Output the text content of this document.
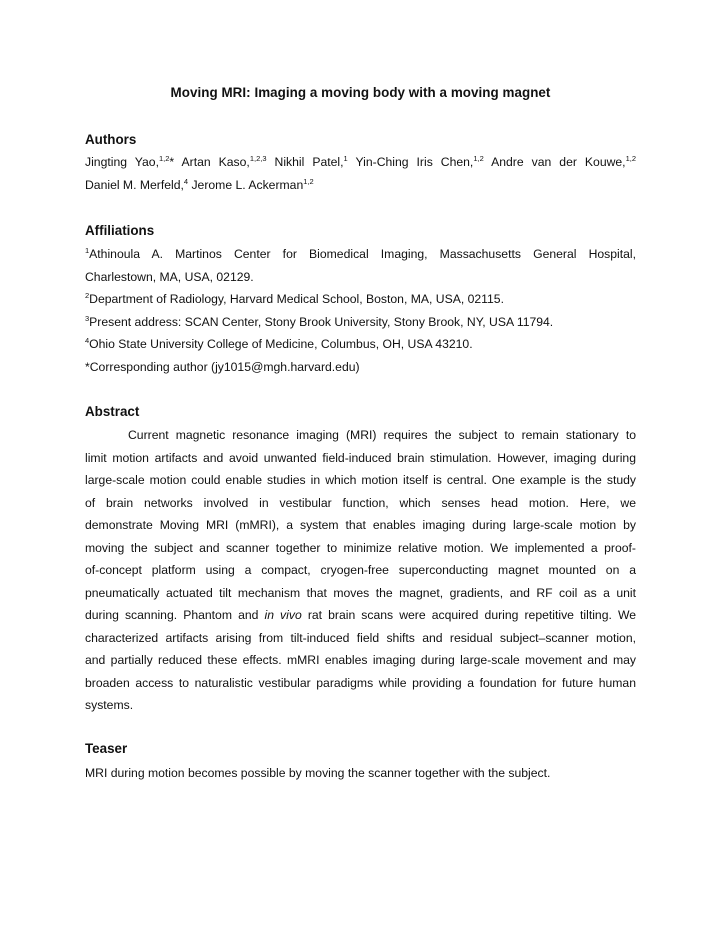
Moving MRI: Imaging a moving body with a moving magnet
Authors
Jingting Yao,$^{1,2}$* Artan Kaso,$^{1,2,3}$ Nikhil Patel,$^1$ Yin-Ching Iris Chen,$^{1,2}$ Andre van der Kouwe,$^{1,2}$
Daniel M. Merfeld,$^4$ Jerome L. Ackerman$^{1,2}$
Affiliations
$^1$Athinoula A. Martinos Center for Biomedical Imaging, Massachusetts General Hospital,
Charlestown, MA, USA, 02129.
$^2$Department of Radiology, Harvard Medical School, Boston, MA, USA, 02115.
$^3$Present address: SCAN Center, Stony Brook University, Stony Brook, NY, USA 11794.
$^4$Ohio State University College of Medicine, Columbus, OH, USA 43210.
*Corresponding author (jy1015@mgh.harvard.edu)
Abstract
Current magnetic resonance imaging (MRI) requires the subject to remain stationary to
limit motion artifacts and avoid unwanted field-induced brain stimulation. However, imaging during
large-scale motion could enable studies in which motion itself is central. One example is the study
of brain networks involved in vestibular function, which senses head motion. Here, we
demonstrate Moving MRI (mMRI), a system that enables imaging during large-scale motion by
moving the subject and scanner together to minimize relative motion. We implemented a proof-
of-concept platform using a compact, cryogen-free superconducting magnet mounted on a
pneumatically actuated tilt mechanism that moves the magnet, gradients, and RF coil as a unit
during scanning. Phantom and in vivo rat brain scans were acquired during repetitive tilting. We
characterized artifacts arising from tilt-induced field shifts and residual subject–scanner motion,
and partially reduced these effects. mMRI enables imaging during large-scale movement and may
broaden access to naturalistic vestibular paradigms while providing a foundation for future human
systems.
Teaser
MRI during motion becomes possible by moving the scanner together with the subject.
